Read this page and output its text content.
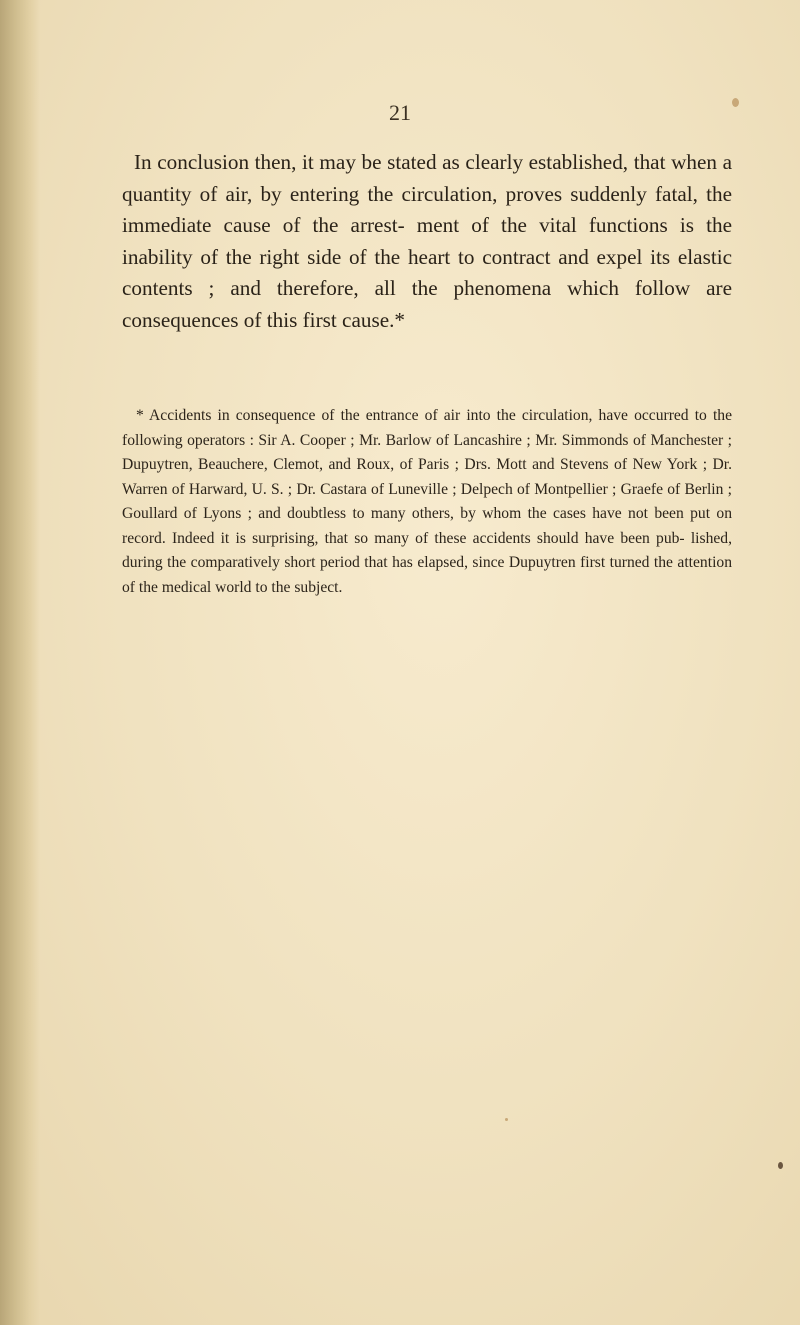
21

In conclusion then, it may be stated as clearly established, that when a quantity of air, by entering the circulation, proves suddenly fatal, the immediate cause of the arrest- ment of the vital functions is the inability of the right side of the heart to contract and expel its elastic contents ; and therefore, all the phenomena which follow are consequences of this first cause.*

* Accidents in consequence of the entrance of air into the circulation, have occurred to the following operators : Sir A. Cooper ; Mr. Barlow of Lancashire ; Mr. Simmonds of Manchester ; Dupuytren, Beauchere, Clemot, and Roux, of Paris ; Drs. Mott and Stevens of New York ; Dr. Warren of Harward, U. S. ; Dr. Castara of Luneville ; Delpech of Montpellier ; Graefe of Berlin ; Goullard of Lyons ; and doubtless to many others, by whom the cases have not been put on record. Indeed it is surprising, that so many of these accidents should have been pub- lished, during the comparatively short period that has elapsed, since Dupuytren first turned the attention of the medical world to the subject.
